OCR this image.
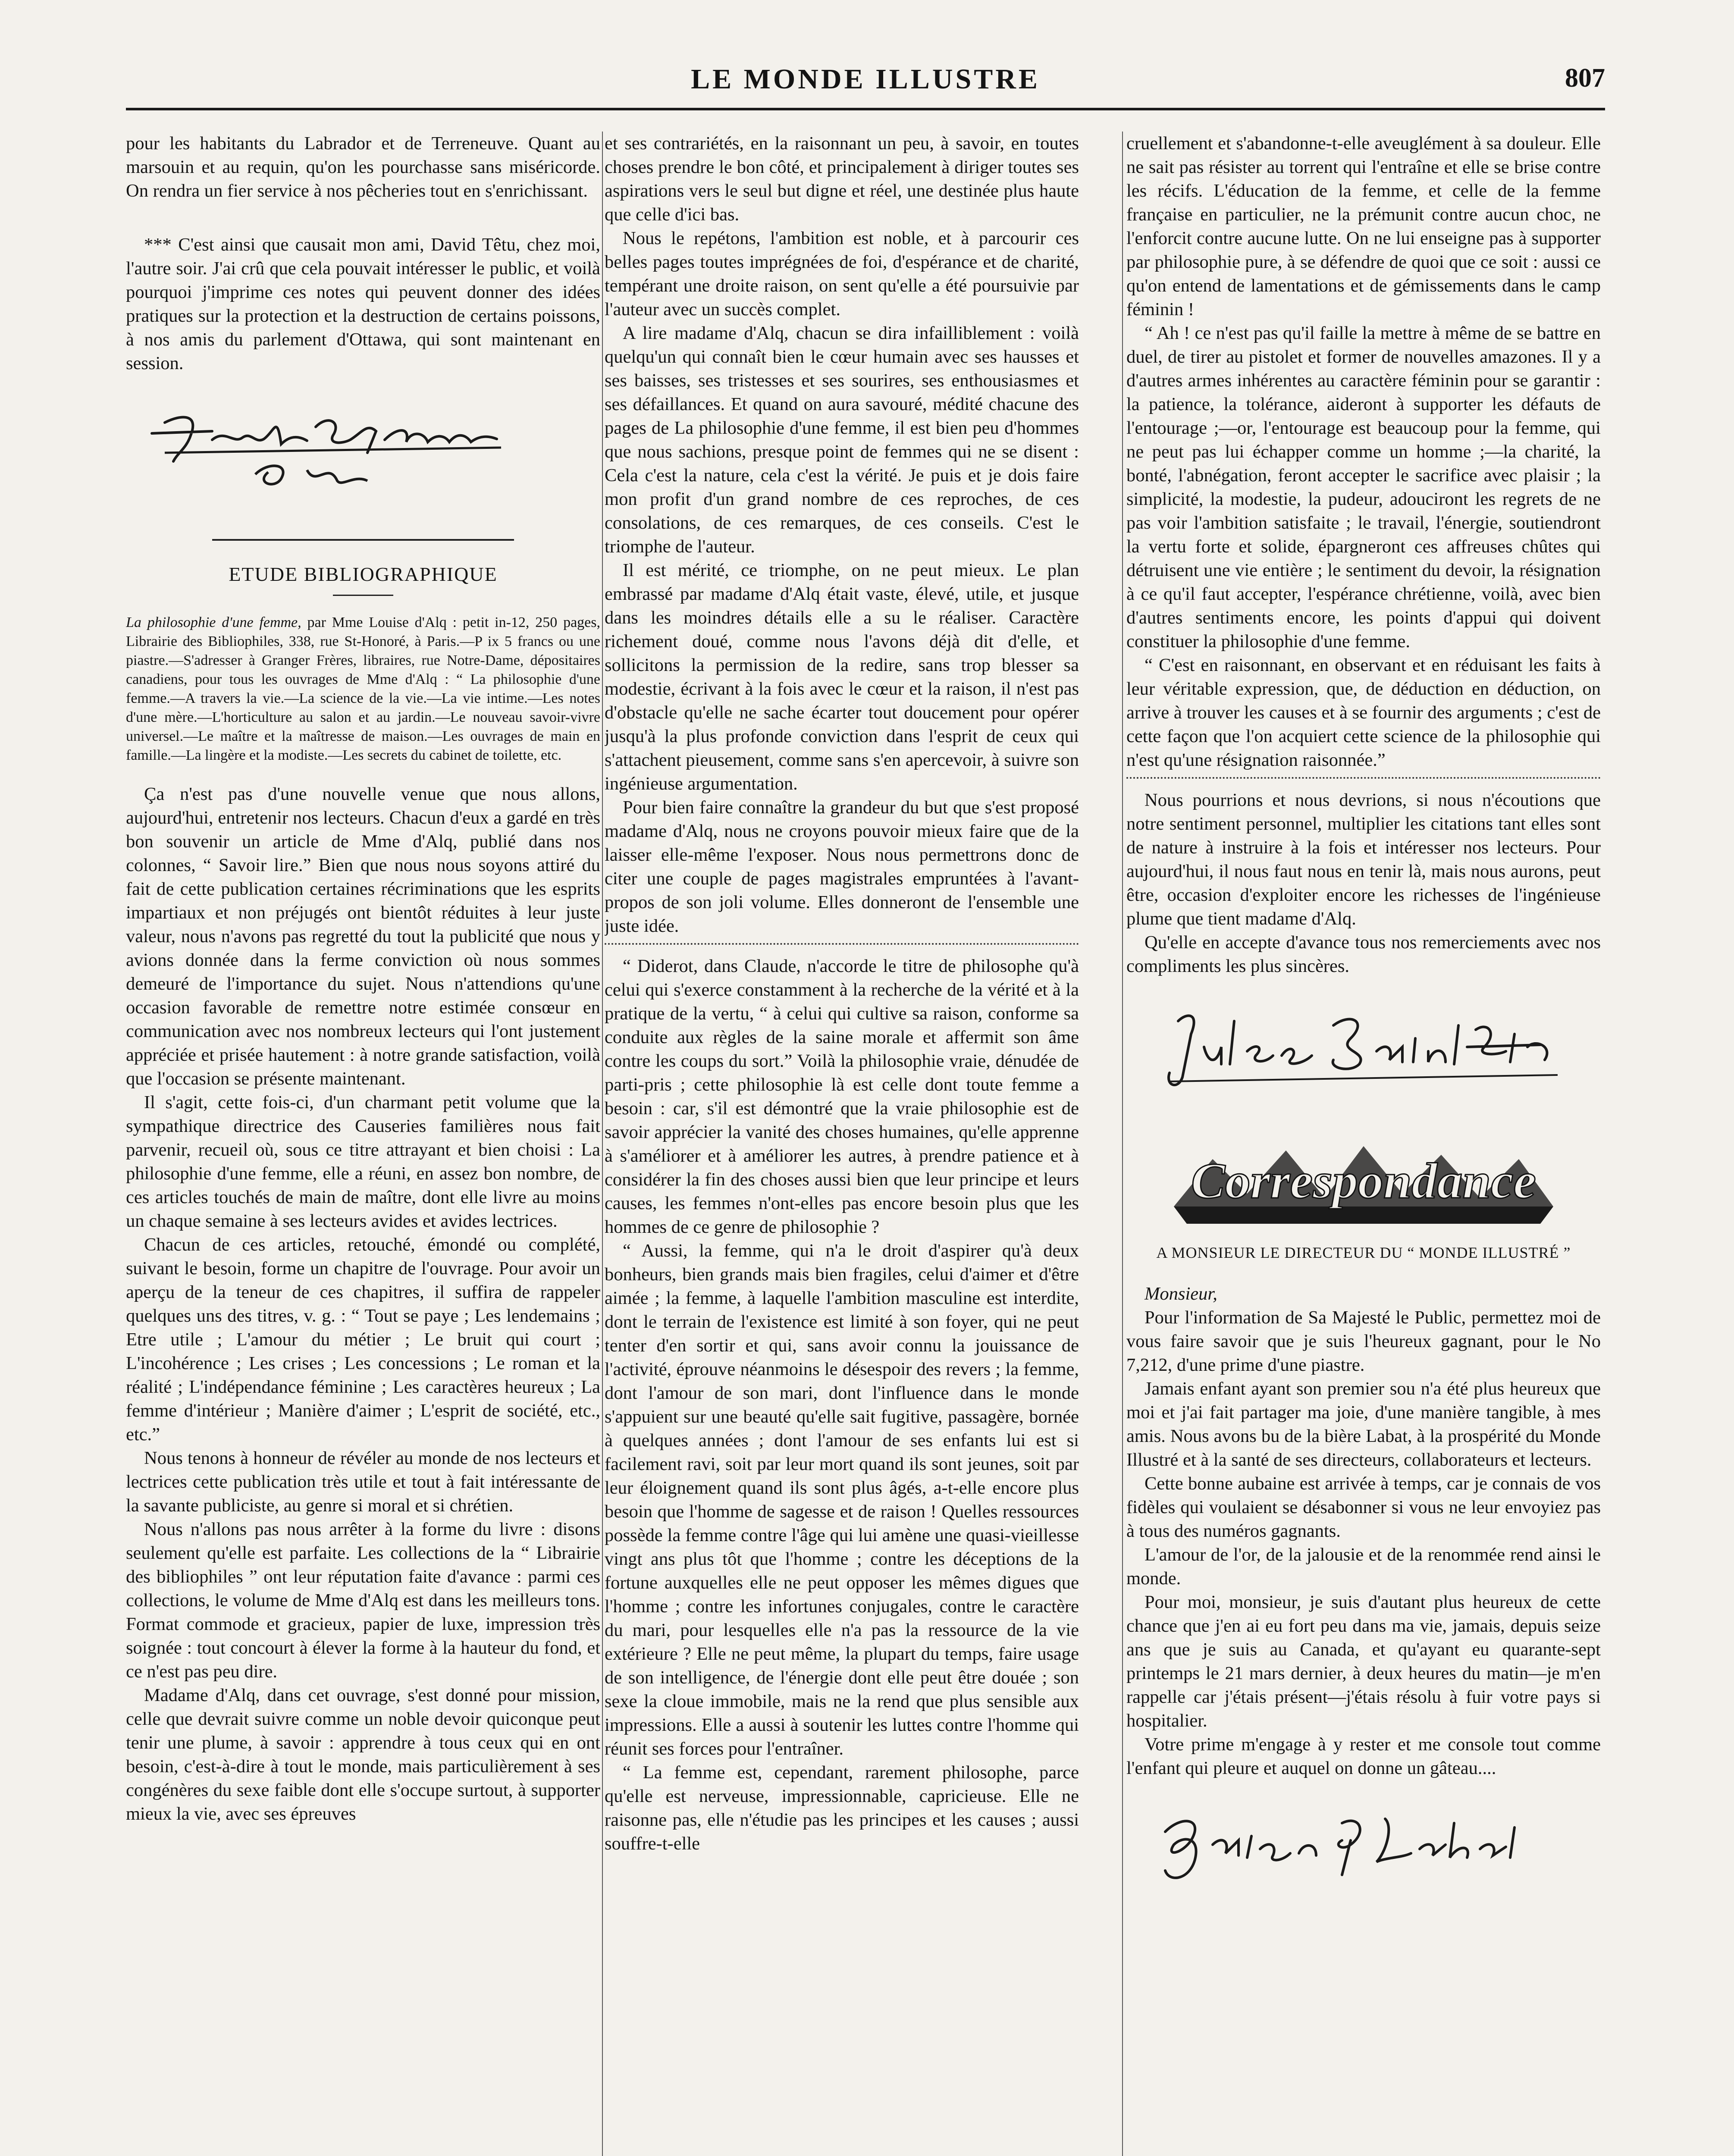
LE MONDE ILLUSTRE	807

pour les habitants du Labrador et de Terreneuve. Quant au marsouin et au requin, qu'on les pourchasse sans miséricorde. On rendra un fier service à nos pêcheries tout en s'enrichissant.

*** C'est ainsi que causait mon ami, David Têtu, chez moi, l'autre soir. J'ai crû que cela pouvait intéresser le public, et voilà pourquoi j'imprime ces notes qui peuvent donner des idées pratiques sur la protection et la destruction de certains poissons, à nos amis du parlement d'Ottawa, qui sont maintenant en session.

ETUDE BIBLIOGRAPHIQUE

La philosophie d'une femme, par Mme Louise d'Alq : petit in-12, 250 pages, Librairie des Bibliophiles, 338, rue St-Honoré, à Paris.—P ix 5 francs ou une piastre.—S'adresser à Granger Frères, libraires, rue Notre-Dame, dépositaires canadiens, pour tous les ouvrages de Mme d'Alq : “ La philosophie d'une femme.—A travers la vie.—La science de la vie.—La vie intime.—Les notes d'une mère.—L'horticulture au salon et au jardin.—Le nouveau savoir-vivre universel.—Le maître et la maîtresse de maison.—Les ouvrages de main en famille.—La lingère et la modiste.—Les secrets du cabinet de toilette, etc.

Ça n'est pas d'une nouvelle venue que nous allons, aujourd'hui, entretenir nos lecteurs. Chacun d'eux a gardé en très bon souvenir un article de Mme d'Alq, publié dans nos colonnes, “ Savoir lire.” Bien que nous nous soyons attiré du fait de cette publication certaines récriminations que les esprits impartiaux et non préjugés ont bientôt réduites à leur juste valeur, nous n'avons pas regretté du tout la publicité que nous y avions donnée dans la ferme conviction où nous sommes demeuré de l'importance du sujet. Nous n'attendions qu'une occasion favorable de remettre notre estimée consœur en communication avec nos nombreux lecteurs qui l'ont justement appréciée et prisée hautement : à notre grande satisfaction, voilà que l'occasion se présente maintenant.

Il s'agit, cette fois-ci, d'un charmant petit volume que la sympathique directrice des Causeries familières nous fait parvenir, recueil où, sous ce titre attrayant et bien choisi : La philosophie d'une femme, elle a réuni, en assez bon nombre, de ces articles touchés de main de maître, dont elle livre au moins un chaque semaine à ses lecteurs avides et avides lectrices.

Chacun de ces articles, retouché, émondé ou complété, suivant le besoin, forme un chapitre de l'ouvrage. Pour avoir un aperçu de la teneur de ces chapitres, il suffira de rappeler quelques uns des titres, v. g. : “ Tout se paye ; Les lendemains ; Etre utile ; L'amour du métier ; Le bruit qui court ; L'incohérence ; Les crises ; Les concessions ; Le roman et la réalité ; L'indépendance féminine ; Les caractères heureux ; La femme d'intérieur ; Manière d'aimer ; L'esprit de société, etc., etc.”

Nous tenons à honneur de révéler au monde de nos lecteurs et lectrices cette publication très utile et tout à fait intéressante de la savante publiciste, au genre si moral et si chrétien.

Nous n'allons pas nous arrêter à la forme du livre : disons seulement qu'elle est parfaite. Les collections de la “ Librairie des bibliophiles ” ont leur réputation faite d'avance : parmi ces collections, le volume de Mme d'Alq est dans les meilleurs tons. Format commode et gracieux, papier de luxe, impression très soignée : tout concourt à élever la forme à la hauteur du fond, et ce n'est pas peu dire.

Madame d'Alq, dans cet ouvrage, s'est donné pour mission, celle que devrait suivre comme un noble devoir quiconque peut tenir une plume, à savoir : apprendre à tous ceux qui en ont besoin, c'est-à-dire à tout le monde, mais particulièrement à ses congénères du sexe faible dont elle s'occupe surtout, à supporter mieux la vie, avec ses épreuves

et ses contrariétés, en la raisonnant un peu, à savoir, en toutes choses prendre le bon côté, et principalement à diriger toutes ses aspirations vers le seul but digne et réel, une destinée plus haute que celle d'ici bas.

Nous le repétons, l'ambition est noble, et à parcourir ces belles pages toutes imprégnées de foi, d'espérance et de charité, tempérant une droite raison, on sent qu'elle a été poursuivie par l'auteur avec un succès complet.

A lire madame d'Alq, chacun se dira infailliblement : voilà quelqu'un qui connaît bien le cœur humain avec ses hausses et ses baisses, ses tristesses et ses sourires, ses enthousiasmes et ses défaillances. Et quand on aura savouré, médité chacune des pages de La philosophie d'une femme, il est bien peu d'hommes que nous sachions, presque point de femmes qui ne se disent : Cela c'est la nature, cela c'est la vérité. Je puis et je dois faire mon profit d'un grand nombre de ces reproches, de ces consolations, de ces remarques, de ces conseils. C'est le triomphe de l'auteur.

Il est mérité, ce triomphe, on ne peut mieux. Le plan embrassé par madame d'Alq était vaste, élevé, utile, et jusque dans les moindres détails elle a su le réaliser. Caractère richement doué, comme nous l'avons déjà dit d'elle, et sollicitons la permission de la redire, sans trop blesser sa modestie, écrivant à la fois avec le cœur et la raison, il n'est pas d'obstacle qu'elle ne sache écarter tout doucement pour opérer jusqu'à la plus profonde conviction dans l'esprit de ceux qui s'attachent pieusement, comme sans s'en apercevoir, à suivre son ingénieuse argumentation.

Pour bien faire connaître la grandeur du but que s'est proposé madame d'Alq, nous ne croyons pouvoir mieux faire que de la laisser elle-même l'exposer. Nous nous permettrons donc de citer une couple de pages magistrales empruntées à l'avant-propos de son joli volume. Elles donneront de l'ensemble une juste idée.

“ Diderot, dans Claude, n'accorde le titre de philosophe qu'à celui qui s'exerce constamment à la recherche de la vérité et à la pratique de la vertu, “ à celui qui cultive sa raison, conforme sa conduite aux règles de la saine morale et affermit son âme contre les coups du sort.” Voilà la philosophie vraie, dénudée de parti-pris ; cette philosophie là est celle dont toute femme a besoin : car, s'il est démontré que la vraie philosophie est de savoir apprécier la vanité des choses humaines, qu'elle apprenne à s'améliorer et à améliorer les autres, à prendre patience et à considérer la fin des choses aussi bien que leur principe et leurs causes, les femmes n'ont-elles pas encore besoin plus que les hommes de ce genre de philosophie ?

“ Aussi, la femme, qui n'a le droit d'aspirer qu'à deux bonheurs, bien grands mais bien fragiles, celui d'aimer et d'être aimée ; la femme, à laquelle l'ambition masculine est interdite, dont le terrain de l'existence est limité à son foyer, qui ne peut tenter d'en sortir et qui, sans avoir connu la jouissance de l'activité, éprouve néanmoins le désespoir des revers ; la femme, dont l'amour de son mari, dont l'influence dans le monde s'appuient sur une beauté qu'elle sait fugitive, passagère, bornée à quelques années ; dont l'amour de ses enfants lui est si facilement ravi, soit par leur mort quand ils sont jeunes, soit par leur éloignement quand ils sont plus âgés, a-t-elle encore plus besoin que l'homme de sagesse et de raison ! Quelles ressources possède la femme contre l'âge qui lui amène une quasi-vieillesse vingt ans plus tôt que l'homme ; contre les déceptions de la fortune auxquelles elle ne peut opposer les mêmes digues que l'homme ; contre les infortunes conjugales, contre le caractère du mari, pour lesquelles elle n'a pas la ressource de la vie extérieure ? Elle ne peut même, la plupart du temps, faire usage de son intelligence, de l'énergie dont elle peut être douée ; son sexe la cloue immobile, mais ne la rend que plus sensible aux impressions. Elle a aussi à soutenir les luttes contre l'homme qui réunit ses forces pour l'entraîner.

“ La femme est, cependant, rarement philosophe, parce qu'elle est nerveuse, impressionnable, capricieuse. Elle ne raisonne pas, elle n'étudie pas les principes et les causes ; aussi souffre-t-elle

cruellement et s'abandonne-t-elle aveuglément à sa douleur. Elle ne sait pas résister au torrent qui l'entraîne et elle se brise contre les récifs. L'éducation de la femme, et celle de la femme française en particulier, ne la prémunit contre aucun choc, ne l'enforcit contre aucune lutte. On ne lui enseigne pas à supporter par philosophie pure, à se défendre de quoi que ce soit : aussi ce qu'on entend de lamentations et de gémissements dans le camp féminin !

“ Ah ! ce n'est pas qu'il faille la mettre à même de se battre en duel, de tirer au pistolet et former de nouvelles amazones. Il y a d'autres armes inhérentes au caractère féminin pour se garantir : la patience, la tolérance, aideront à supporter les défauts de l'entourage ;—or, l'entourage est beaucoup pour la femme, qui ne peut pas lui échapper comme un homme ;—la charité, la bonté, l'abnégation, feront accepter le sacrifice avec plaisir ; la simplicité, la modestie, la pudeur, adouciront les regrets de ne pas voir l'ambition satisfaite ; le travail, l'énergie, soutiendront la vertu forte et solide, épargneront ces affreuses chûtes qui détruisent une vie entière ; le sentiment du devoir, la résignation à ce qu'il faut accepter, l'espérance chrétienne, voilà, avec bien d'autres sentiments encore, les points d'appui qui doivent constituer la philosophie d'une femme.

“ C'est en raisonnant, en observant et en réduisant les faits à leur véritable expression, que, de déduction en déduction, on arrive à trouver les causes et à se fournir des arguments ; c'est de cette façon que l'on acquiert cette science de la philosophie qui n'est qu'une résignation raisonnée.”

Nous pourrions et nous devrions, si nous n'écoutions que notre sentiment personnel, multiplier les citations tant elles sont de nature à instruire à la fois et intéresser nos lecteurs. Pour aujourd'hui, il nous faut nous en tenir là, mais nous aurons, peut être, occasion d'exploiter encore les richesses de l'ingénieuse plume que tient madame d'Alq.

Qu'elle en accepte d'avance tous nos remerciements avec nos compliments les plus sincères.

Correspondance
A MONSIEUR LE DIRECTEUR DU “ MONDE ILLUSTRÉ ”

Monsieur,

Pour l'information de Sa Majesté le Public, permettez moi de vous faire savoir que je suis l'heureux gagnant, pour le No 7,212, d'une prime d'une piastre.

Jamais enfant ayant son premier sou n'a été plus heureux que moi et j'ai fait partager ma joie, d'une manière tangible, à mes amis. Nous avons bu de la bière Labat, à la prospérité du Monde Illustré et à la santé de ses directeurs, collaborateurs et lecteurs.

Cette bonne aubaine est arrivée à temps, car je connais de vos fidèles qui voulaient se désabonner si vous ne leur envoyiez pas à tous des numéros gagnants.

L'amour de l'or, de la jalousie et de la renommée rend ainsi le monde.

Pour moi, monsieur, je suis d'autant plus heureux de cette chance que j'en ai eu fort peu dans ma vie, jamais, depuis seize ans que je suis au Canada, et qu'ayant eu quarante-sept printemps le 21 mars dernier, à deux heures du matin—je m'en rappelle car j'étais présent—j'étais résolu à fuir votre pays si hospitalier.

Votre prime m'engage à y rester et me console tout comme l'enfant qui pleure et auquel on donne un gâteau....
